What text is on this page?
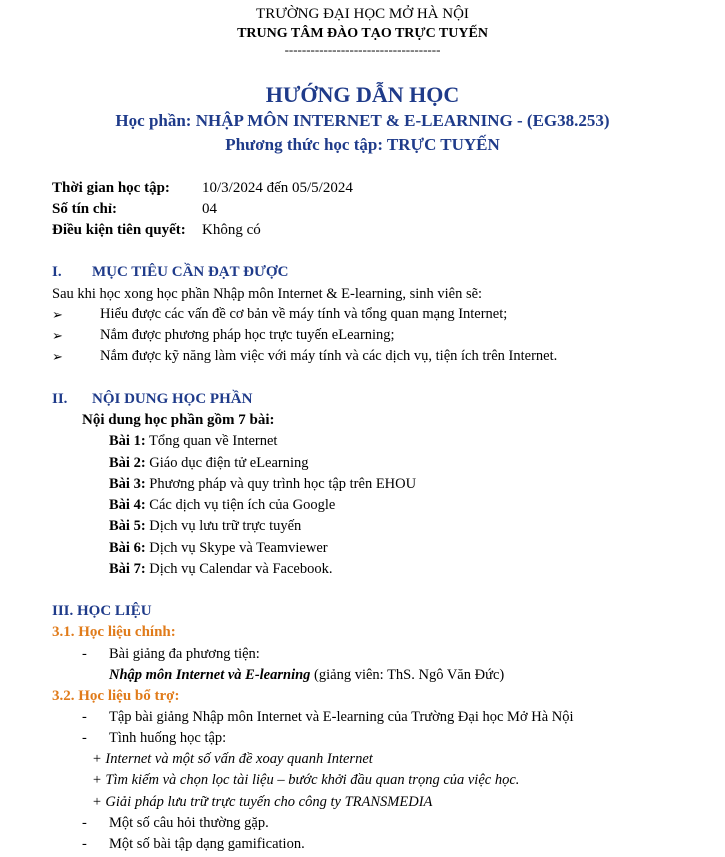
TRƯỜNG ĐẠI HỌC MỞ HÀ NỘI
TRUNG TÂM ĐÀO TẠO TRỰC TUYẾN
------------------------------------
HƯỚNG DẪN HỌC
Học phần: NHẬP MÔN INTERNET & E-LEARNING - (EG38.253)
Phương thức học tập: TRỰC TUYẾN
Thời gian học tập: 10/3/2024 đến 05/5/2024
Số tín chỉ:	04
Điều kiện tiên quyết: Không có
I. MỤC TIÊU CẦN ĐẠT ĐƯỢC
Sau khi học xong học phần Nhập môn Internet & E-learning, sinh viên sẽ:
➢	Hiểu được các vấn đề cơ bản về máy tính và tổng quan mạng Internet;
➢	Nắm được phương pháp học trực tuyến eLearning;
➢	Nắm được kỹ năng làm việc với máy tính và các dịch vụ, tiện ích trên Internet.
II. NỘI DUNG HỌC PHẦN
Nội dung học phần gồm 7 bài:
Bài 1: Tổng quan về Internet
Bài 2: Giáo dục điện tử eLearning
Bài 3: Phương pháp và quy trình học tập trên EHOU
Bài 4: Các dịch vụ tiện ích của Google
Bài 5: Dịch vụ lưu trữ trực tuyến
Bài 6: Dịch vụ Skype và Teamviewer
Bài 7: Dịch vụ Calendar và Facebook.
III. HỌC LIỆU
3.1. Học liệu chính:
- Bài giảng đa phương tiện:
Nhập môn Internet và E-learning (giảng viên: ThS. Ngô Văn Đức)
3.2. Học liệu bổ trợ:
- Tập bài giảng Nhập môn Internet và E-learning của Trường Đại học Mở Hà Nội
- Tình huống học tập:
+ Internet và một số vấn đề xoay quanh Internet
+ Tìm kiếm và chọn lọc tài liệu – bước khởi đầu quan trọng của việc học.
+ Giải pháp lưu trữ trực tuyến cho công ty TRANSMEDIA
- Một số câu hỏi thường gặp.
- Một số bài tập dạng gamification.
